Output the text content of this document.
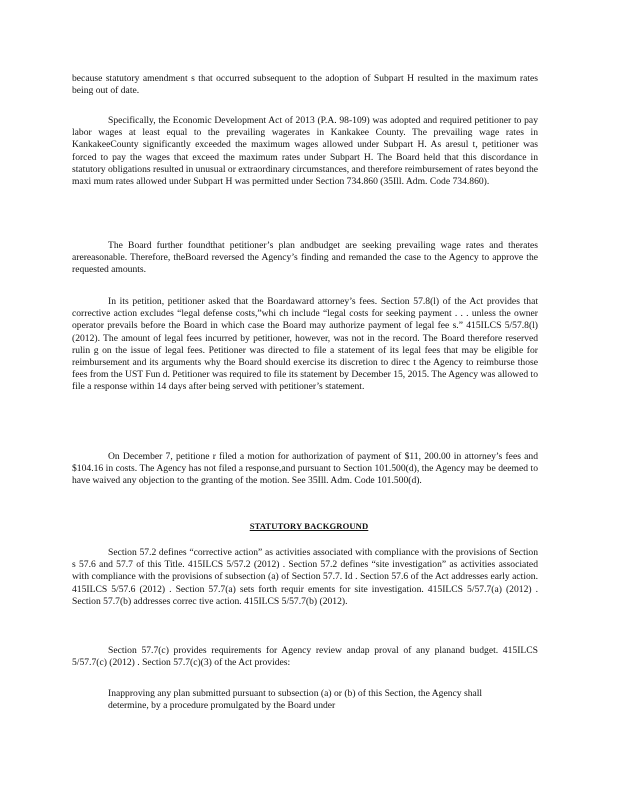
because statutory amendment s that occurred subsequent to the adoption of Subpart H resulted in the maximum rates being out of date.

Specifically, the Economic Development Act of 2013 (P.A. 98-109) was adopted and required petitioner to pay labor wages at least equal to the prevailing wagerates in Kankakee County. The prevailing wage rates in KankakeeCounty significantly exceeded the maximum wages allowed under Subpart H. As aresul t, petitioner was forced to pay the wages that exceed the maximum rates under Subpart H. The Board held that this discordance in statutory obligations resulted in unusual or extraordinary circumstances, and therefore reimbursement of rates beyond the maxi mum rates allowed under Subpart H was permitted under Section 734.860 (35Ill. Adm. Code 734.860).

The Board further foundthat petitioner’s plan andbudget are seeking prevailing wage rates and therates arereasonable. Therefore, theBoard reversed the Agency’s finding and remanded the case to the Agency to approve the requested amounts.

In its petition, petitioner asked that the Boardaward attorney’s fees. Section 57.8(l) of the Act provides that corrective action excludes “legal defense costs,”whi ch include “legal costs for seeking payment . . . unless the owner operator prevails before the Board in which case the Board may authorize payment of legal fee s.” 415ILCS 5/57.8(l) (2012). The amount of legal fees incurred by petitioner, however, was not in the record. The Board therefore reserved rulin g on the issue of legal fees. Petitioner was directed to file a statement of its legal fees that may be eligible for reimbursement and its arguments why the Board should exercise its discretion to direc t the Agency to reimburse those fees from the UST Fun d. Petitioner was required to file its statement by December 15, 2015. The Agency was allowed to file a response within 14 days after being served with petitioner’s statement.

On December 7, petitione r filed a motion for authorization of payment of $11, 200.00 in attorney’s fees and $104.16 in costs. The Agency has not filed a response,and pursuant to Section 101.500(d), the Agency may be deemed to have waived any objection to the granting of the motion. See 35Ill. Adm. Code 101.500(d).

STATUTORY BACKGROUND

Section 57.2 defines “corrective action” as activities associated with compliance with the provisions of Section s 57.6 and 57.7 of this Title. 415ILCS 5/57.2 (2012) . Section 57.2 defines “site investigation” as activities associated with compliance with the provisions of subsection (a) of Section 57.7. Id . Section 57.6 of the Act addresses early action. 415ILCS 5/57.6 (2012) . Section 57.7(a) sets forth requir ements for site investigation. 415ILCS 5/57.7(a) (2012) . Section 57.7(b) addresses correc tive action. 415ILCS 5/57.7(b) (2012).

Section 57.7(c) provides requirements for Agency review andap proval of any planand budget. 415ILCS 5/57.7(c) (2012) . Section 57.7(c)(3) of the Act provides:

Inapproving any plan submitted pursuant to subsection (a) or (b) of this Section, the Agency shall determine, by a procedure promulgated by the Board under
